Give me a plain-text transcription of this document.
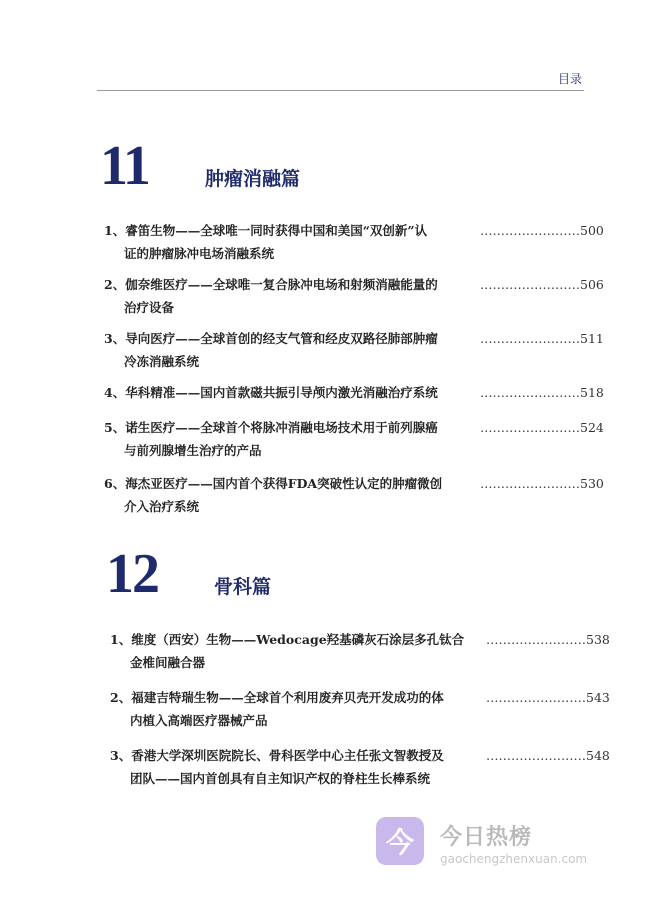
目录
11	肿瘤消融篇
1、睿笛生物——全球唯一同时获得中国和美国“双创新”认
证的肿瘤脉冲电场消融系统
……………………500
2、伽奈维医疗——全球唯一复合脉冲电场和射频消融能量的
治疗设备
……………………506
3、导向医疗——全球首创的经支气管和经皮双路径肺部肿瘤
冷冻消融系统
……………………511
4、华科精准——国内首款磁共振引导颅内激光消融治疗系统	……………………518
5、诺生医疗——全球首个将脉冲消融电场技术用于前列腺癌
与前列腺增生治疗的产品
……………………524
6、海杰亚医疗——国内首个获得FDA突破性认定的肿瘤微创
介入治疗系统
……………………530
12	骨科篇
1、维度（西安）生物——Wedocage羟基磷灰石涂层多孔钛合
金椎间融合器
……………………538
2、福建吉特瑞生物——全球首个利用废弃贝壳开发成功的体
内植入高端医疗器械产品
……………………543
3、香港大学深圳医院院长、骨科医学中心主任张文智教授及
团队——国内首创具有自主知识产权的脊柱生长棒系统
……………………548
今	今日热榜
gaochengzhenxuan.com
